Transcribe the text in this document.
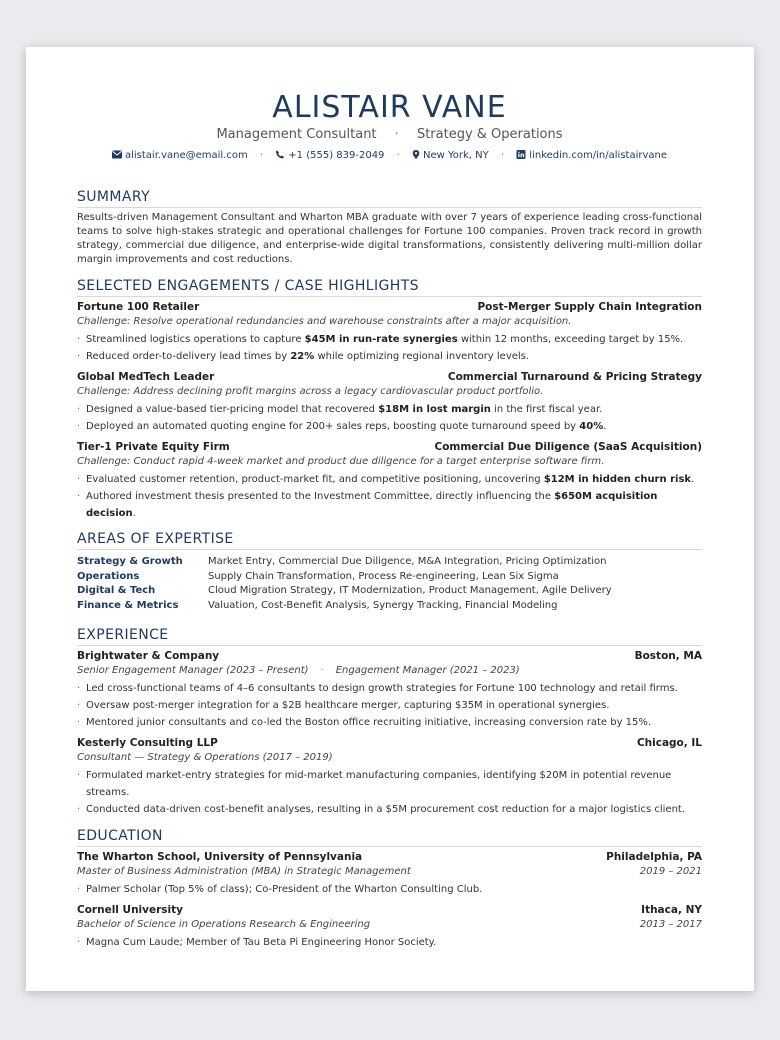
ALISTAIR VANE
Management Consultant · Strategy & Operations
alistair.vane@email.com ·	+1 (555) 839-2049 · New York, NY ·	linkedin.com/in/alistairvane
SUMMARY
Results-driven Management Consultant and Wharton MBA graduate with over 7 years of experience leading cross-functional teams to solve high-stakes strategic and operational challenges for Fortune 100 companies. Proven track record in growth strategy, commercial due diligence, and enterprise-wide digital transformations, consistently delivering multi-million dollar margin improvements and cost reductions.
SELECTED ENGAGEMENTS / CASE HIGHLIGHTS
Fortune 100 Retailer	Post-Merger Supply Chain Integration
Challenge: Resolve operational redundancies and warehouse constraints after a major acquisition.
· Streamlined logistics operations to capture $45M in run-rate synergies within 12 months, exceeding target by 15%.
· Reduced order-to-delivery lead times by 22% while optimizing regional inventory levels.
Global MedTech Leader	Commercial Turnaround & Pricing Strategy
Challenge: Address declining profit margins across a legacy cardiovascular product portfolio.
· Designed a value-based tier-pricing model that recovered $18M in lost margin in the first fiscal year.
· Deployed an automated quoting engine for 200+ sales reps, boosting quote turnaround speed by 40%.
Tier-1 Private Equity Firm	Commercial Due Diligence (SaaS Acquisition)
Challenge: Conduct rapid 4-week market and product due diligence for a target enterprise software firm.
· Evaluated customer retention, product-market fit, and competitive positioning, uncovering $12M in hidden churn risk.
· Authored investment thesis presented to the Investment Committee, directly influencing the $650M acquisition decision.
AREAS OF EXPERTISE
Strategy & Growth	Market Entry, Commercial Due Diligence, M&A Integration, Pricing Optimization
Operations	Supply Chain Transformation, Process Re-engineering, Lean Six Sigma
Digital & Tech	Cloud Migration Strategy, IT Modernization, Product Management, Agile Delivery
Finance & Metrics	Valuation, Cost-Benefit Analysis, Synergy Tracking, Financial Modeling
EXPERIENCE
Brightwater & Company	Boston, MA
Senior Engagement Manager (2023 – Present) · Engagement Manager (2021 – 2023)
· Led cross-functional teams of 4–6 consultants to design growth strategies for Fortune 100 technology and retail firms.
· Oversaw post-merger integration for a $2B healthcare merger, capturing $35M in operational synergies.
· Mentored junior consultants and co-led the Boston office recruiting initiative, increasing conversion rate by 15%.
Kesterly Consulting LLP	Chicago, IL
Consultant — Strategy & Operations (2017 – 2019)
· Formulated market-entry strategies for mid-market manufacturing companies, identifying $20M in potential revenue streams.
· Conducted data-driven cost-benefit analyses, resulting in a $5M procurement cost reduction for a major logistics client.
EDUCATION
The Wharton School, University of Pennsylvania	Philadelphia, PA
Master of Business Administration (MBA) in Strategic Management	2019 – 2021
· Palmer Scholar (Top 5% of class); Co-President of the Wharton Consulting Club.
Cornell University	Ithaca, NY
Bachelor of Science in Operations Research & Engineering	2013 – 2017
· Magna Cum Laude; Member of Tau Beta Pi Engineering Honor Society.
